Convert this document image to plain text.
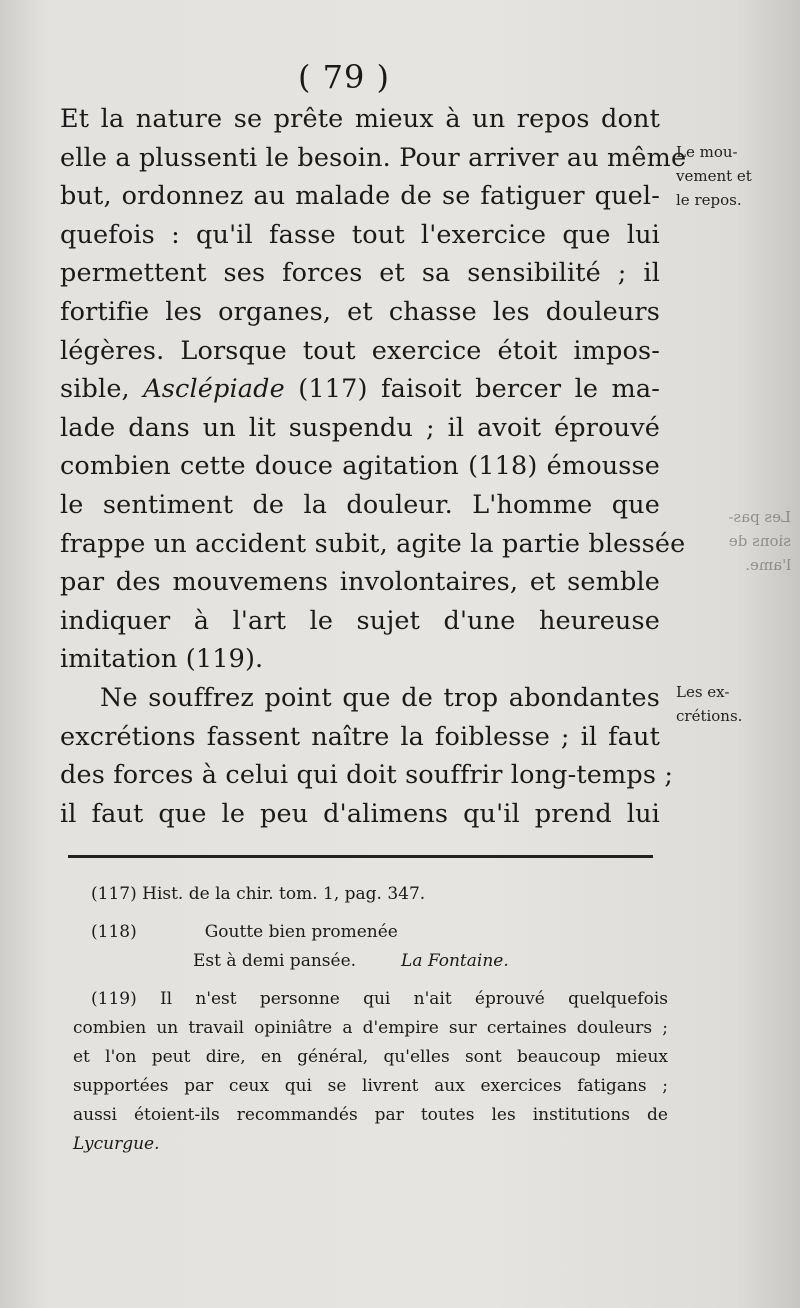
( 79 )
Et la nature se prête mieux à un repos dont
elle a plussenti le besoin. Pour arriver au même
but, ordonnez au malade de se fatiguer quel-
quefois : qu'il fasse tout l'exercice que lui
permettent ses forces et sa sensibilité ; il
fortifie les organes, et chasse les douleurs
légères. Lorsque tout exercice étoit impos-
sible, Asclépiade (117) faisoit bercer le ma-
lade dans un lit suspendu ; il avoit éprouvé
combien cette douce agitation (118) émousse
le sentiment de la douleur. L'homme que
frappe un accident subit, agite la partie blessée
par des mouvemens involontaires, et semble
indiquer à l'art le sujet d'une heureuse
imitation (119).
Ne souffrez point que de trop abondantes
excrétions fassent naître la foiblesse ; il faut
des forces à celui qui doit souffrir long-temps ;
il faut que le peu d'alimens qu'il prend lui
Le mou-
vement et
le repos.
Les pas-
sions de
l'ame.
Les ex-
crétions.
(117) Hist. de la chir. tom. 1, pag. 347.
(118)	Goutte bien promenée
Est à demi pansée.	La Fontaine.
(119) Il n'est personne qui n'ait éprouvé quelquefois
combien un travail opiniâtre a d'empire sur certaines douleurs ;
et l'on peut dire, en général, qu'elles sont beaucoup mieux
supportées par ceux qui se livrent aux exercices fatigans ;
aussi étoient-ils recommandés par toutes les institutions de
Lycurgue.
